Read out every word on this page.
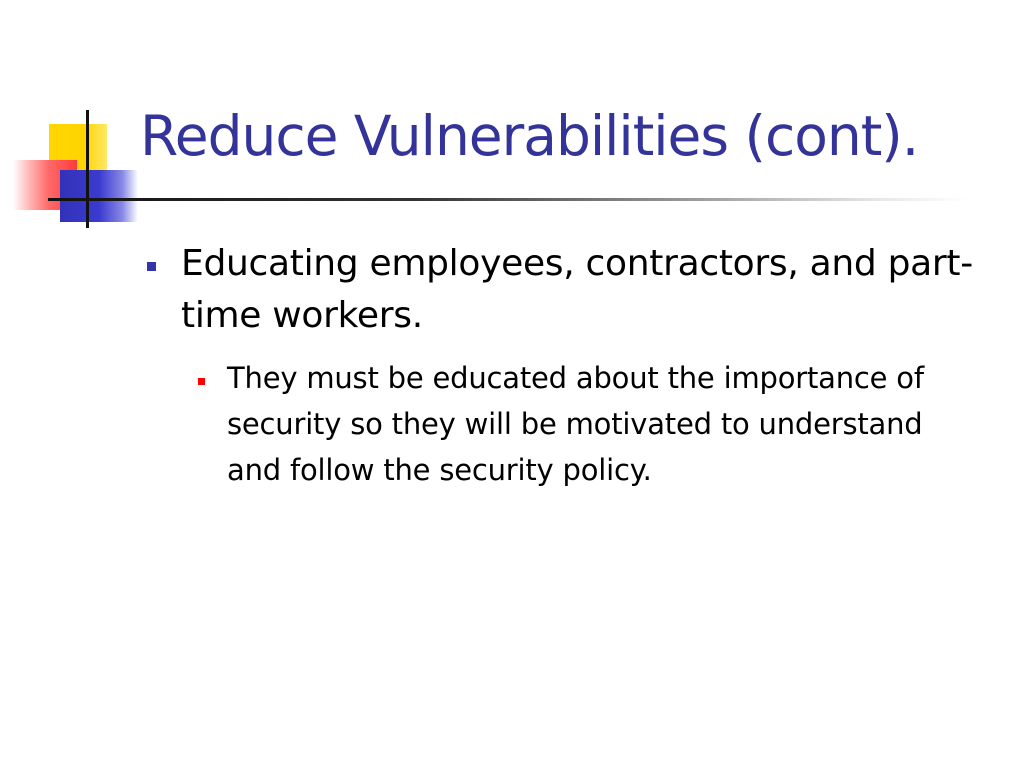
Reduce Vulnerabilities (cont).

Educating employees, contractors, and part-time workers.

They must be educated about the importance of security so they will be motivated to understand and follow the security policy.
